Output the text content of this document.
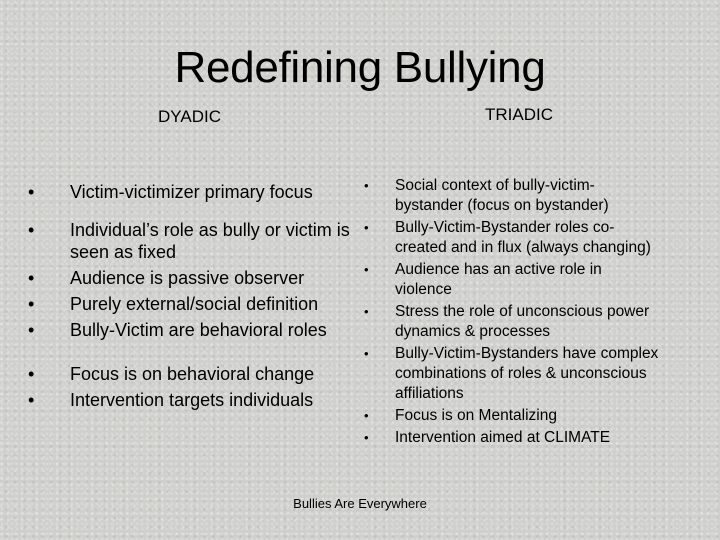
Redefining Bullying
DYADIC	TRIADIC
• Victim-victimizer primary focus
• Individual’s role as bully or victim is seen as fixed
• Audience is passive observer
• Purely external/social definition
• Bully-Victim are behavioral roles
• Focus is on behavioral change
• Intervention targets individuals
• Social context of bully-victim-bystander (focus on bystander)
• Bully-Victim-Bystander roles co-created and in flux (always changing)
• Audience has an active role in violence
• Stress the role of unconscious power dynamics & processes
• Bully-Victim-Bystanders have complex combinations of roles & unconscious affiliations
• Focus is on Mentalizing
• Intervention aimed at CLIMATE
Bullies Are Everywhere
